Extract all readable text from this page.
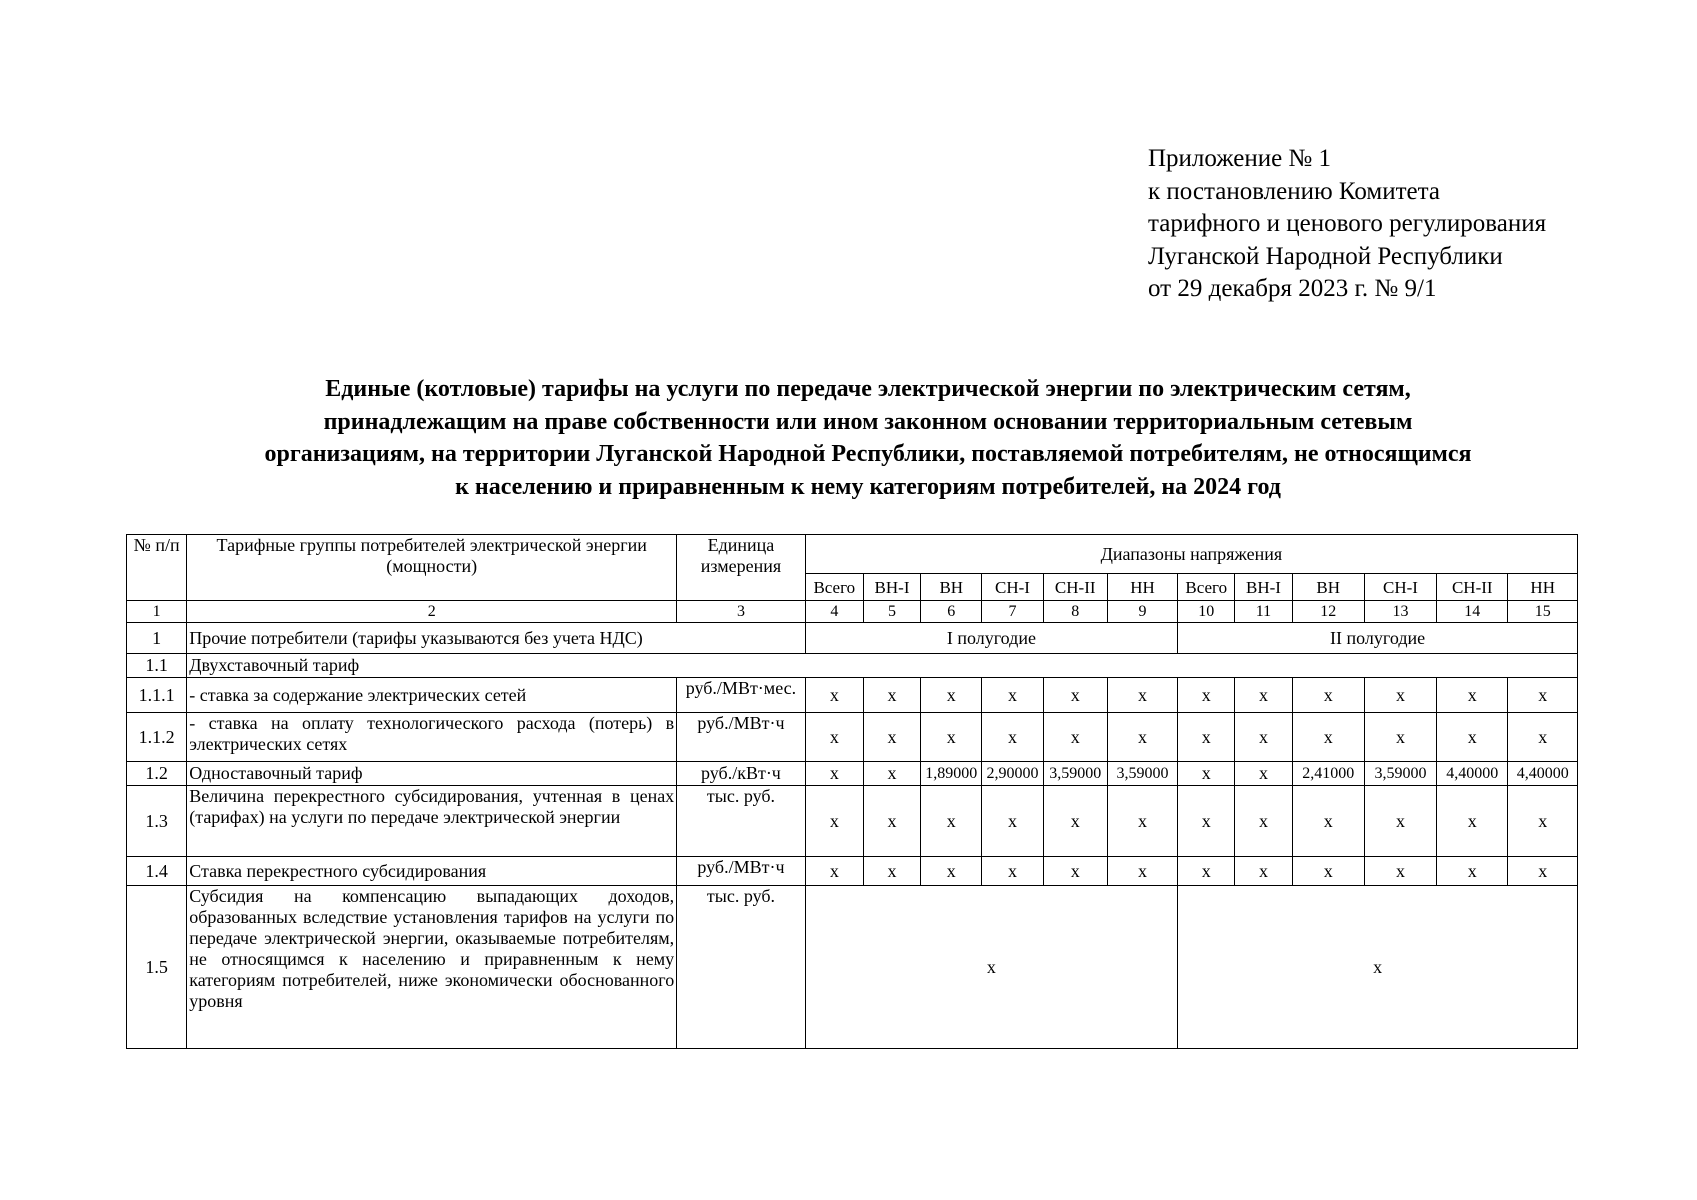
Приложение № 1
к постановлению Комитета
тарифного и ценового регулирования
Луганской Народной Республики
от 29 декабря 2023 г. № 9/1
Единые (котловые) тарифы на услуги по передаче электрической энергии по электрическим сетям,
принадлежащим на праве собственности или ином законном основании территориальным сетевым
организациям, на территории Луганской Народной Республики, поставляемой потребителям, не относящимся
к населению и приравненным к нему категориям потребителей, на 2024 год
№ п/п	Тарифные группы потребителей электрической энергии (мощности)	Единица измерения	Диапазоны напряжения											
			Всего	ВН-I	ВН	СН-I	СН-II	НН	Всего	ВН-I	ВН	СН-I	СН-II	НН
1	2	3	4	5	6	7	8	9	10	11	12	13	14	15
1	Прочие потребители (тарифы указываются без учета НДС)		I полугодие						II полугодие					
1.1	Двухставочный тариф													
1.1.1	- ставка за содержание электрических сетей	руб./МВт·мес.	х	х	х	х	х	х	х	х	х	х	х	х
1.1.2	- ставка на оплату технологического расхода (потерь) в электрических сетях	руб./МВт·ч	х	х	х	х	х	х	х	х	х	х	х	х
1.2	Одноставочный тариф	руб./кВт·ч	х	х	1,89000	2,90000	3,59000	3,59000	х	х	2,41000	3,59000	4,40000	4,40000
1.3	Величина перекрестного субсидирования, учтенная в ценах (тарифах) на услуги по передаче электрической энергии	тыс. руб.	х	х	х	х	х	х	х	х	х	х	х	х
1.4	Ставка перекрестного субсидирования	руб./МВт·ч	х	х	х	х	х	х	х	х	х	х	х	х
1.5	Субсидия на компенсацию выпадающих доходов, образованных вследствие установления тарифов на услуги по передаче электрической энергии, оказываемые потребителям, не относящимся к населению и приравненным к нему категориям потребителей, ниже экономически обоснованного уровня	тыс. руб.	х						х					
